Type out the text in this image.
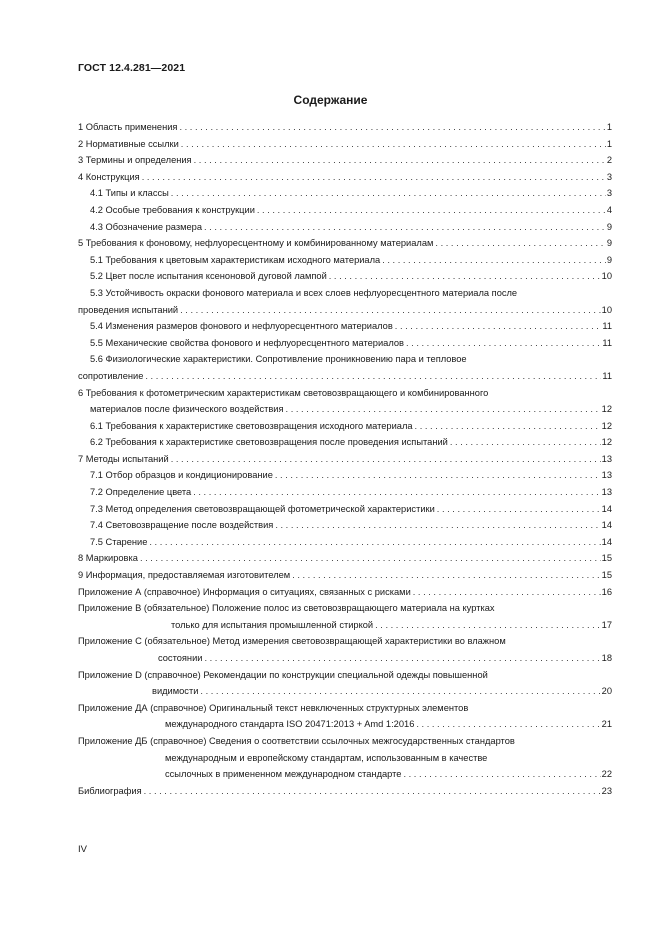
ГОСТ 12.4.281—2021
Содержание
1 Область применения . . .	1
2 Нормативные ссылки . . .	1
3 Термины и определения . . .	2
4 Конструкция . . .	3
4.1 Типы и классы . . .	3
4.2 Особые требования к конструкции . . .	4
4.3 Обозначение размера . . .	9
5 Требования к фоновому, нефлуоресцентному и комбинированному материалам . . .	9
5.1 Требования к цветовым характеристикам исходного материала . . .	9
5.2 Цвет после испытания ксеноновой дуговой лампой . . .	10
5.3 Устойчивость окраски фонового материала и всех слоев нефлуоресцентного материала после
проведения испытаний . . .	10
5.4 Изменения размеров фонового и нефлуоресцентного материалов . . .	11
5.5 Механические свойства фонового и нефлуоресцентного материалов . . .	11
5.6 Физиологические характеристики. Сопротивление проникновению пара и тепловое
сопротивление . . .	11
6 Требования к фотометрическим характеристикам световозвращающего и комбинированного
материалов после физического воздействия . . .	12
6.1 Требования к характеристике световозвращения исходного материала . . .	12
6.2 Требования к характеристике световозвращения после проведения испытаний . . .	12
7 Методы испытаний . . .	13
7.1 Отбор образцов и кондиционирование . . .	13
7.2 Определение цвета . . .	13
7.3 Метод определения световозвращающей фотометрической характеристики . . .	14
7.4 Световозвращение после воздействия . . .	14
7.5 Старение . . .	14
8 Маркировка . . .	15
9 Информация, предоставляемая изготовителем . . .	15
Приложение А (справочное) Информация о ситуациях, связанных с рисками . . .	16
Приложение В (обязательное) Положение полос из световозвращающего материала на куртках
только для испытания промышленной стиркой . . .	17
Приложение С (обязательное) Метод измерения световозвращающей характеристики во влажном
состоянии . . .	18
Приложение D (справочное) Рекомендации по конструкции специальной одежды повышенной
видимости . . .	20
Приложение ДА (справочное) Оригинальный текст невключенных структурных элементов
международного стандарта ISO 20471:2013 + Amd 1:2016 . . .	21
Приложение ДБ (справочное) Сведения о соответствии ссылочных межгосударственных стандартов
международным и европейскому стандартам, использованным в качестве
ссылочных в примененном международном стандарте . . .	22
Библиография . . .	23
IV
